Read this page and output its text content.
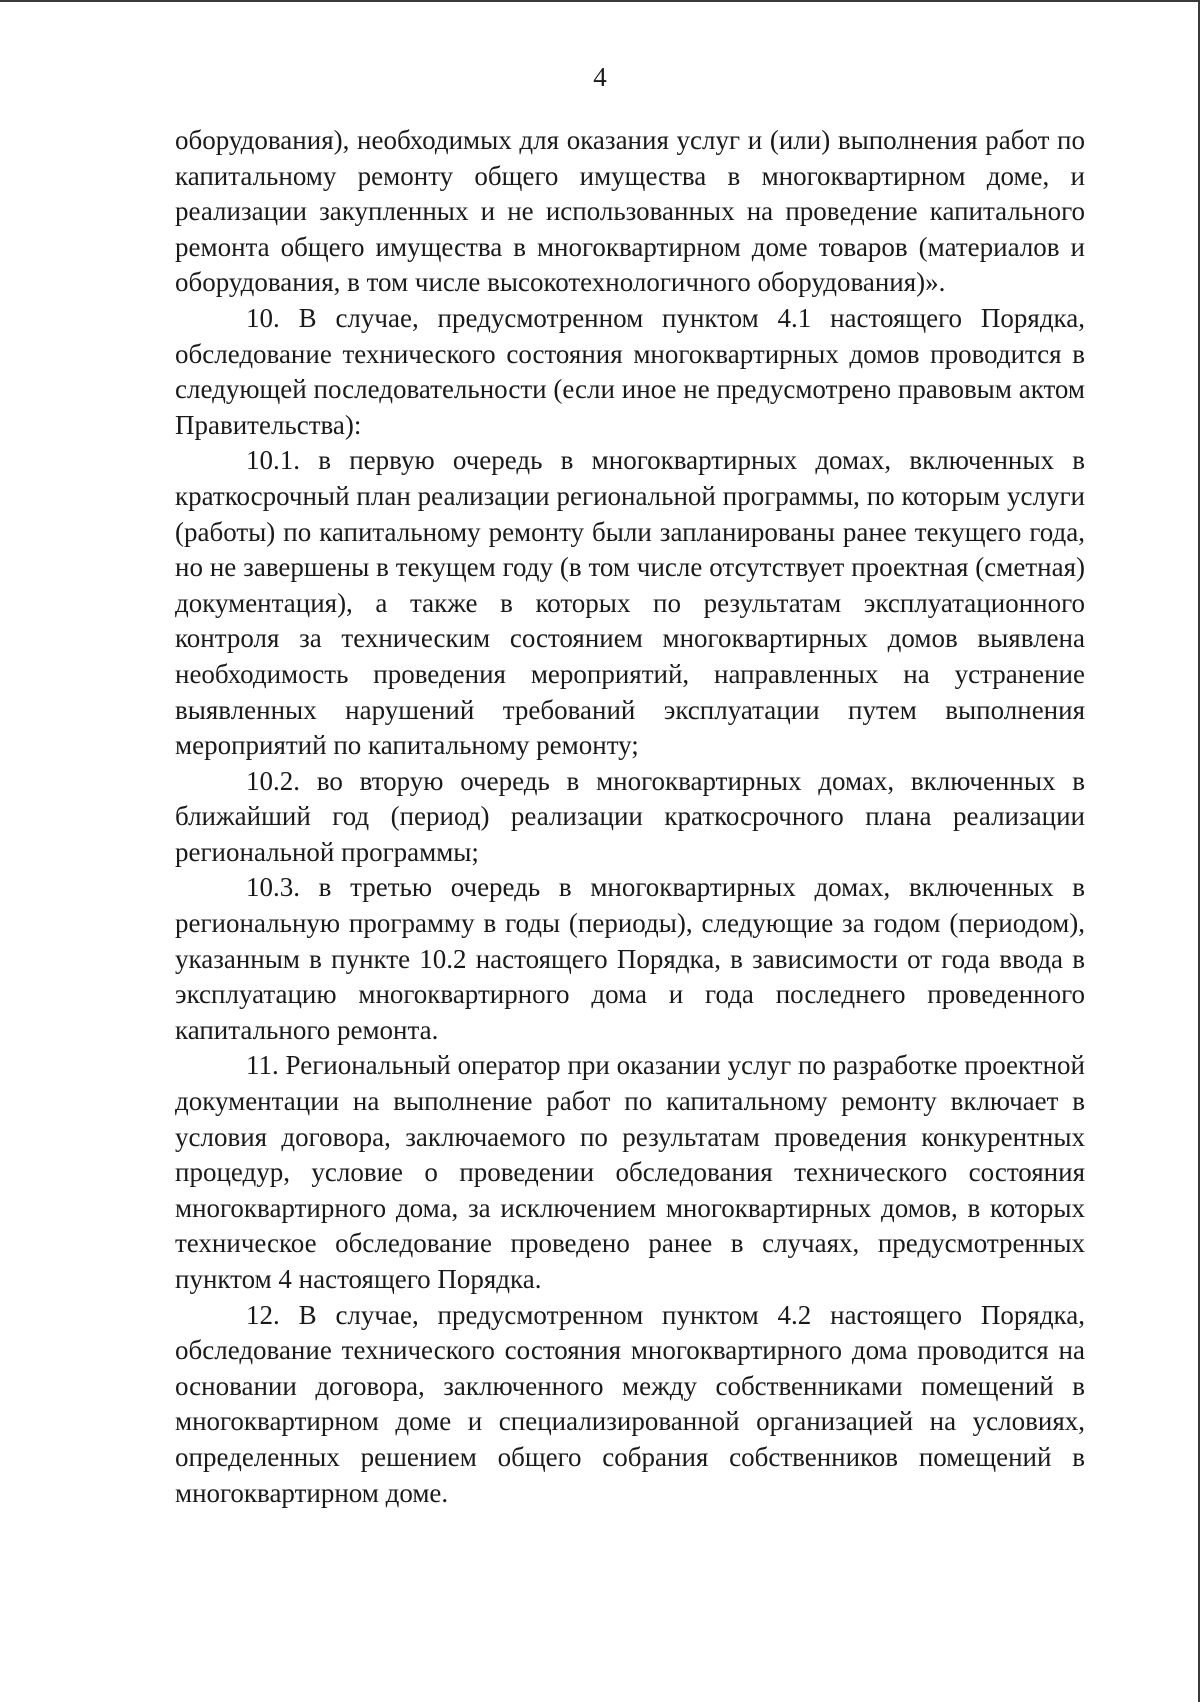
4

оборудования), необходимых для оказания услуг и (или) выполнения работ по капитальному ремонту общего имущества в многоквартирном доме, и реализации закупленных и не использованных на проведение капитального ремонта общего имущества в многоквартирном доме товаров (материалов и оборудования, в том числе высокотехнологичного оборудования)».

10. В случае, предусмотренном пунктом 4.1 настоящего Порядка, обследование технического состояния многоквартирных домов проводится в следующей последовательности (если иное не предусмотрено правовым актом Правительства):

10.1. в первую очередь в многоквартирных домах, включенных в краткосрочный план реализации региональной программы, по которым услуги (работы) по капитальному ремонту были запланированы ранее текущего года, но не завершены в текущем году (в том числе отсутствует проектная (сметная) документация), а также в которых по результатам эксплуатационного контроля за техническим состоянием многоквартирных домов выявлена необходимость проведения мероприятий, направленных на устранение выявленных нарушений требований эксплуатации путем выполнения мероприятий по капитальному ремонту;

10.2. во вторую очередь в многоквартирных домах, включенных в ближайший год (период) реализации краткосрочного плана реализации региональной программы;

10.3. в третью очередь в многоквартирных домах, включенных в региональную программу в годы (периоды), следующие за годом (периодом), указанным в пункте 10.2 настоящего Порядка, в зависимости от года ввода в эксплуатацию многоквартирного дома и года последнего проведенного капитального ремонта.

11. Региональный оператор при оказании услуг по разработке проектной документации на выполнение работ по капитальному ремонту включает в условия договора, заключаемого по результатам проведения конкурентных процедур, условие о проведении обследования технического состояния многоквартирного дома, за исключением многоквартирных домов, в которых техническое обследование проведено ранее в случаях, предусмотренных пунктом 4 настоящего Порядка.

12. В случае, предусмотренном пунктом 4.2 настоящего Порядка, обследование технического состояния многоквартирного дома проводится на основании договора, заключенного между собственниками помещений в многоквартирном доме и специализированной организацией на условиях, определенных решением общего собрания собственников помещений в многоквартирном доме.
